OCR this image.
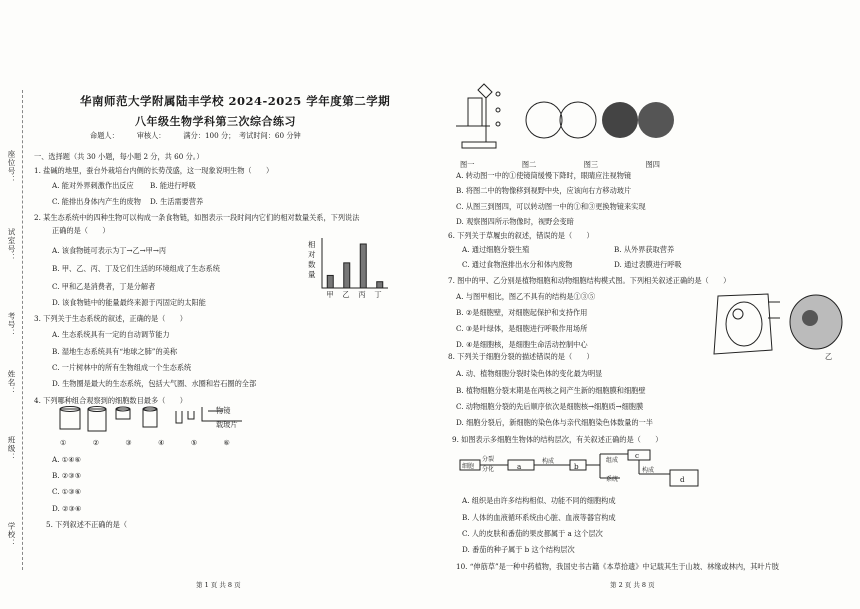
座位号：
试室号：
考号：
姓名：
班级：
学校：
华南师范大学附属陆丰学校 2024-2025 学年度第二学期
八年级生物学科第三次综合练习
命题人：　　　审核人：　　　满分：100 分；　考试时间：60 分钟
一、选择题（共 30 小题，每小题 2 分，共 60 分。）
1. 盐碱的地里，蚕台外栽培台内侧的长势茂盛，这一现象说明生物（　　）
A. 能对外界刺激作出反应 B. 能进行呼吸
C. 能排出身体内产生的废物 D. 生活需要营养
2. 某生态系统中的四种生物可以构成一条食物链，如图表示一段时间内它们的相对数量关系，下列说法
正确的是（　　）
A. 该食物链可表示为丁→乙→甲→丙
B. 甲、乙、丙、丁及它们生活的环境组成了生态系统
C. 甲和乙是消费者，丁是分解者
D. 该食物链中的能量最终来源于丙固定的太阳能
相
对
数
量
甲 乙 丙 丁
3. 下列关于生态系统的叙述，正确的是（　　）
A. 生态系统具有一定的自动调节能力
B. 湿地生态系统具有“地球之肺”的美称
C. 一片树林中的所有生物组成一个生态系统
D. 生物圈是最大的生态系统，包括大气圈、水圈和岩石圈的全部
4. 下列哪种组合观察到的细胞数目最多（　　）
物镜
载玻片
①	②	③	④	⑤	⑥
A. ①④⑥
B. ②③⑤
C. ①③⑥
D. ②③⑥
5. 下列叙述不正确的是（
第 1 页 共 8 页
图一	图二	图三	图四
A. 转动图一中的①使镜筒缓慢下降时，眼睛应注视物镜
B. 将图二中的物像移到视野中央，应该向右方移动玻片
C. 从图三到图四，可以转动图一中的①和③更换物镜来实现
D. 观察图四所示物像时，视野会变暗
6. 下列关于草履虫的叙述，错误的是（　　）
A. 通过细胞分裂生殖	B. 从外界获取营养
C. 通过食物泡排出水分和体内废物	D. 通过表膜进行呼吸
7. 图中的甲、乙分别是植物细胞和动物细胞结构模式图。下列相关叙述正确的是（　　）
A. 与图甲相比，图乙不具有的结构是①③⑤
B. ②是细胞壁，对细胞起保护和支持作用
C. ③是叶绿体，是细胞进行呼吸作用场所
D. ④是细胞核，是细胞生命活动控制中心
乙
8. 下列关于细胞分裂的描述错误的是（　　）
A. 动、植物细胞分裂时染色体的变化最为明显
B. 植物细胞分裂末期是在两核之间产生新的细胞膜和细胞壁
C. 动物细胞分裂的先后顺序依次是细胞核→细胞质→细胞膜
D. 细胞分裂后，新细胞的染色体与亲代细胞染色体数量的一半
9. 如图表示多细胞生物体的结构层次，有关叙述正确的是（　　）
细胞
分裂
分化	a
构成
b
组成
c
构成
系统	d
A. 组织是由许多结构相似、功能不同的细胞构成
B. 人体的血液循环系统由心脏、血液等器官构成
C. 人的皮肤和番茄的果皮都属于 a 这个层次
D. 番茄的种子属于 b 这个结构层次
10. “伸筋草”是一种中药植物，我国史书古籍《本草拾遗》中记载其生于山坡、林缘或林内，其叶片肢
第 2 页 共 8 页
